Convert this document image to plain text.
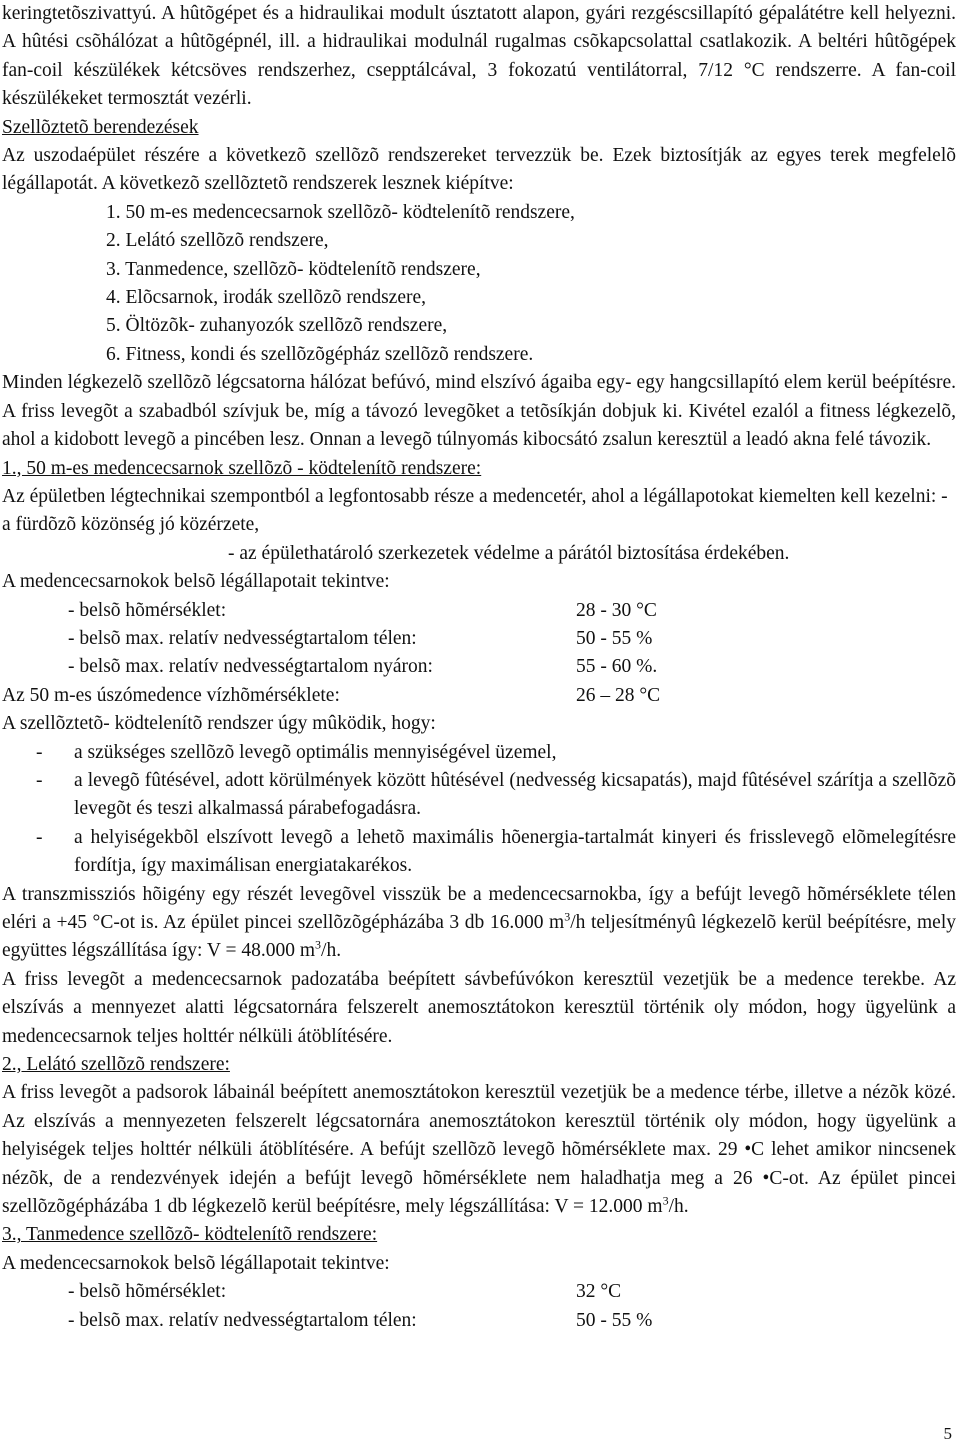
keringtetõszivattyú. A hûtõgépet és a hidraulikai modult úsztatott alapon, gyári rezgéscsillapító gépalátétre kell helyezni. A hûtési csõhálózat a hûtõgépnél, ill. a hidraulikai modulnál rugalmas csõkapcsolattal csatlakozik. A beltéri hûtõgépek fan-coil készülékek kétcsöves rendszerhez, csepptálcával, 3 fokozatú ventilátorral, 7/12 °C rendszerre. A fan-coil készülékeket termosztát vezérli.

Szellõztetõ berendezések

Az uszodaépület részére a következõ szellõzõ rendszereket tervezzük be. Ezek biztosítják az egyes terek megfelelõ légállapotát. A következõ szellõztetõ rendszerek lesznek kiépítve:

1. 50 m-es medencecsarnok szellõzõ- ködtelenítõ rendszere,
2. Lelátó szellõzõ rendszere,
3. Tanmedence, szellõzõ- ködtelenítõ rendszere,
4. Elõcsarnok, irodák szellõzõ rendszere,
5. Öltözõk- zuhanyozók szellõzõ rendszere,
6. Fitness, kondi és szellõzõgépház szellõzõ rendszere.

Minden légkezelõ szellõzõ légcsatorna hálózat befúvó, mind elszívó ágaiba egy- egy hangcsillapító elem kerül beépítésre. A friss levegõt a szabadból szívjuk be, míg a távozó levegõket a tetõsíkján dobjuk ki. Kivétel ezalól a fitness légkezelõ, ahol a kidobott levegõ a pincében lesz. Onnan a levegõ túlnyomás kibocsátó zsalun keresztül a leadó akna felé távozik.

1., 50 m-es medencecsarnok szellõzõ - ködtelenítõ rendszere:

Az épületben légtechnikai szempontból a legfontosabb része a medencetér, ahol a légállapotokat kiemelten kell kezelni: - a fürdõzõ közönség jó közérzete,

- az épülethatároló szerkezetek védelme a párától biztosítása érdekében.

A medencecsarnokok belsõ légállapotait tekintve:

- belsõ hõmérséklet:	28 - 30 °C
- belsõ max. relatív nedvességtartalom télen:	50 - 55 %
- belsõ max. relatív nedvességtartalom nyáron:	55 - 60 %.
Az 50 m-es úszómedence vízhõmérséklete:	26 – 28 °C

A szellõztetõ- ködtelenítõ rendszer úgy mûködik, hogy:

-	a szükséges szellõzõ levegõ optimális mennyiségével üzemel,
-	a levegõ fûtésével, adott körülmények között hûtésével (nedvesség kicsapatás), majd fûtésével szárítja a szellõzõ levegõt és teszi alkalmassá párabefogadásra.
-	a helyiségekbõl elszívott levegõ a lehetõ maximális hõenergia-tartalmát kinyeri és frisslevegõ elõmelegítésre fordítja, így maximálisan energiatakarékos.

A transzmissziós hõigény egy részét levegõvel visszük be a medencecsarnokba, így a befújt levegõ hõmérséklete télen eléri a +45 °C-ot is. Az épület pincei szellõzõgépházába 3 db 16.000 $m^3/h$ teljesítményû légkezelõ kerül beépítésre, mely együttes légszállítása így: V = 48.000 $m^3/h$.

A friss levegõt a medencecsarnok padozatába beépített sávbefúvókon keresztül vezetjük be a medence terekbe. Az elszívás a mennyezet alatti légcsatornára felszerelt anemosztátokon keresztül történik oly módon, hogy ügyelünk a medencecsarnok teljes holttér nélküli átöblítésére.

2., Lelátó szellõzõ rendszere:

A friss levegõt a padsorok lábainál beépített anemosztátokon keresztül vezetjük be a medence térbe, illetve a nézõk közé. Az elszívás a mennyezeten felszerelt légcsatornára anemosztátokon keresztül történik oly módon, hogy ügyelünk a helyiségek teljes holttér nélküli átöblítésére. A befújt szellõzõ levegõ hõmérséklete max. 29 •C lehet amikor nincsenek nézõk, de a rendezvények idején a befújt levegõ hõmérséklete nem haladhatja meg a 26 •C-ot. Az épület pincei szellõzõgépházába 1 db légkezelõ kerül beépítésre, mely légszállítása: V = 12.000 $m^3/h$.

3., Tanmedence szellõzõ- ködtelenítõ rendszere:

A medencecsarnokok belsõ légállapotait tekintve:

- belsõ hõmérséklet:	32 °C
- belsõ max. relatív nedvességtartalom télen:	50 - 55 %
5
